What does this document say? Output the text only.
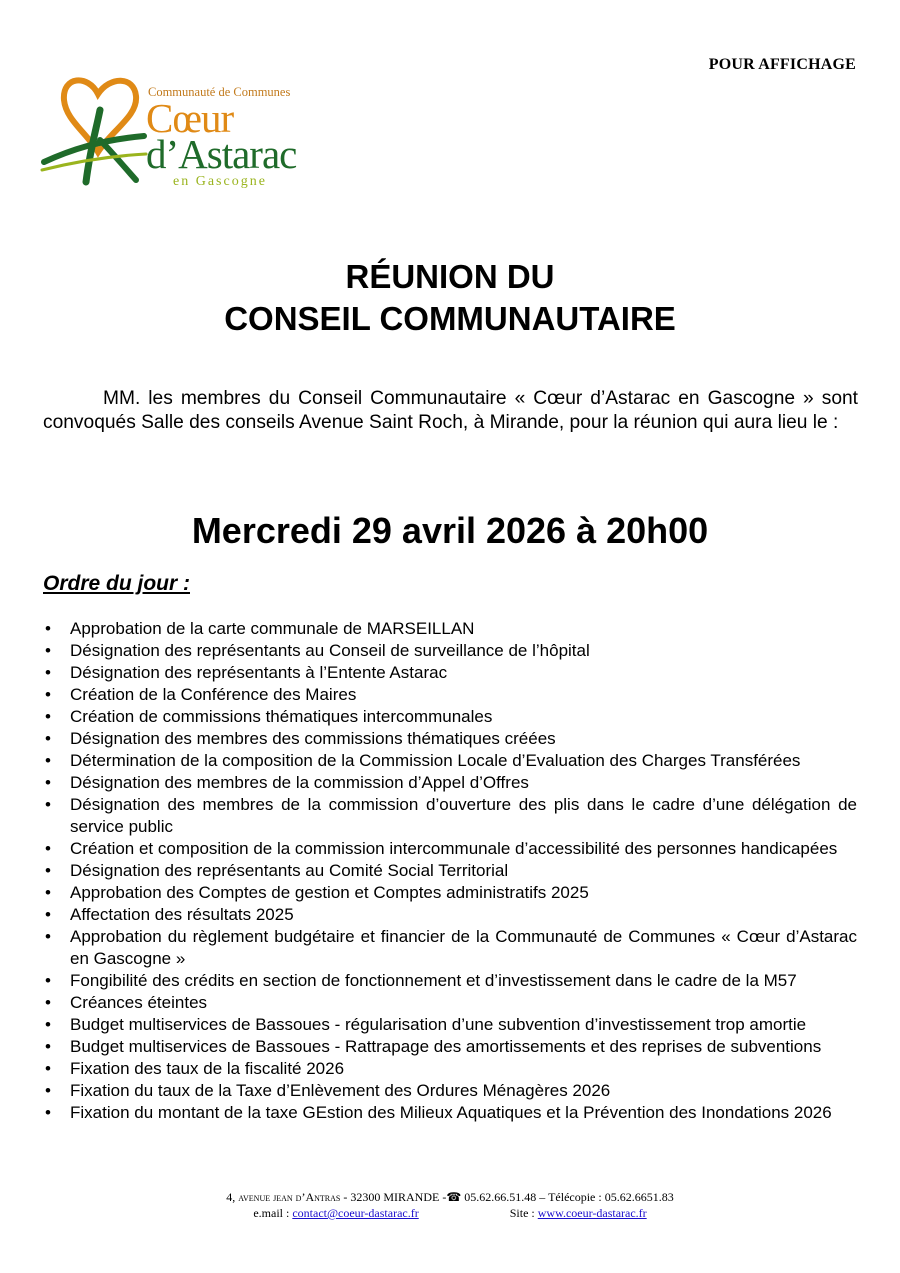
POUR AFFICHAGE
Communauté de Communes
Cœur
d’Astarac
en Gascogne
RÉUNION DU
CONSEIL COMMUNAUTAIRE
MM. les membres du Conseil Communautaire « Cœur d’Astarac en Gascogne » sont convoqués Salle des conseils Avenue Saint Roch, à Mirande, pour la réunion qui aura lieu le :
Mercredi 29 avril 2026 à 20h00
Ordre du jour :
• Approbation de la carte communale de MARSEILLAN
• Désignation des représentants au Conseil de surveillance de l’hôpital
• Désignation des représentants à l’Entente Astarac
• Création de la Conférence des Maires
• Création de commissions thématiques intercommunales
• Désignation des membres des commissions thématiques créées
• Détermination de la composition de la Commission Locale d’Evaluation des Charges Transférées
• Désignation des membres de la commission d’Appel d’Offres
• Désignation des membres de la commission d’ouverture des plis dans le cadre d’une délégation de service public
• Création et composition de la commission intercommunale d’accessibilité des personnes handicapées
• Désignation des représentants au Comité Social Territorial
• Approbation des Comptes de gestion et Comptes administratifs 2025
• Affectation des résultats 2025
• Approbation du règlement budgétaire et financier de la Communauté de Communes « Cœur d’Astarac en Gascogne »
• Fongibilité des crédits en section de fonctionnement et d’investissement dans le cadre de la M57
• Créances éteintes
• Budget multiservices de Bassoues - régularisation d’une subvention d’investissement trop amortie
• Budget multiservices de Bassoues - Rattrapage des amortissements et des reprises de subventions
• Fixation des taux de la fiscalité 2026
• Fixation du taux de la Taxe d’Enlèvement des Ordures Ménagères 2026
• Fixation du montant de la taxe GEstion des Milieux Aquatiques et la Prévention des Inondations 2026
4, avenue jean d’Antras - 32300 MIRANDE -☎ 05.62.66.51.48 – Télécopie : 05.62.6651.83
e.mail : contact@coeur-dastarac.fr	Site : www.coeur-dastarac.fr
